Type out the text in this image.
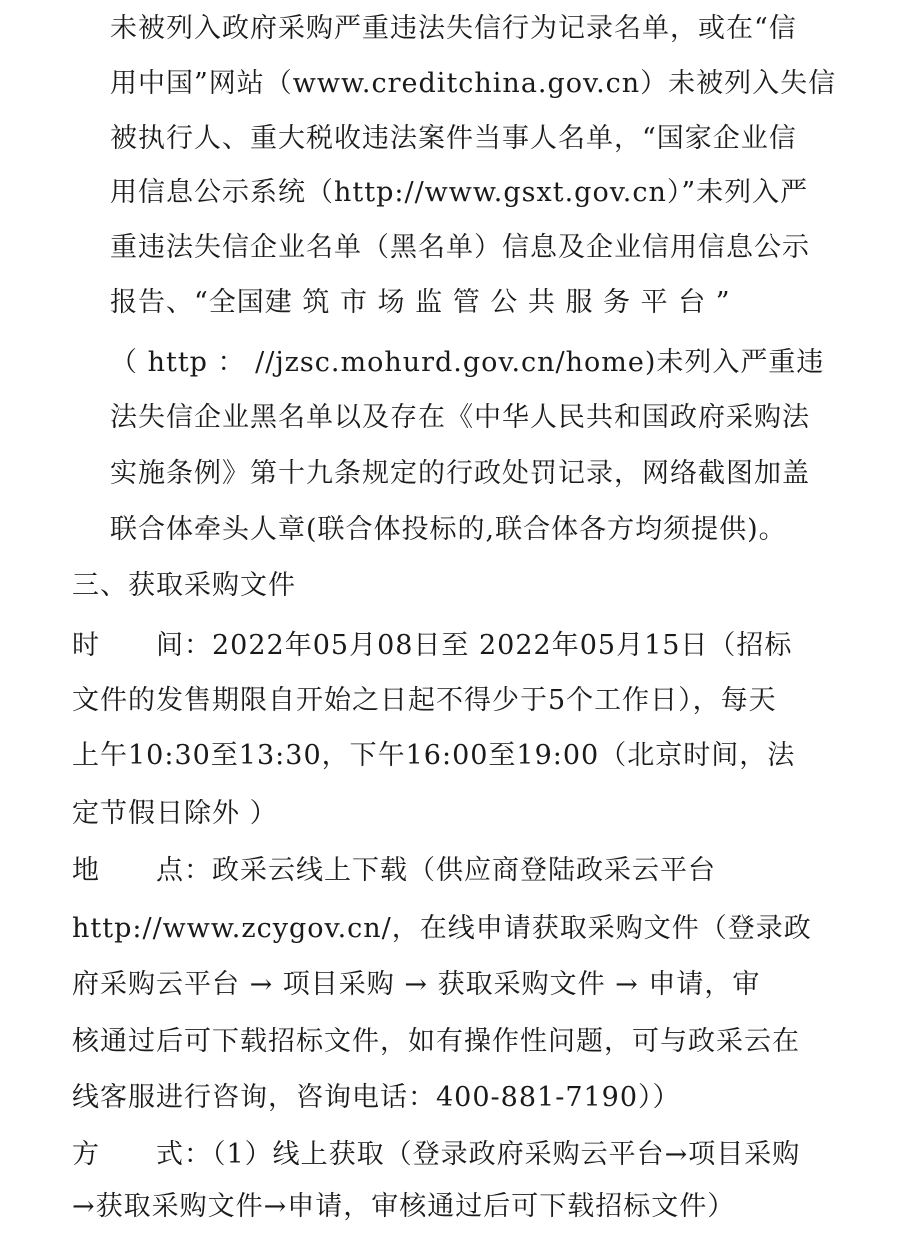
未被列入政府采购严重违法失信行为记录名单，或在“信
用中国”网站（www.creditchina.gov.cn）未被列入失信
被执行人、重大税收违法案件当事人名单，“国家企业信
用信息公示系统（http://www.gsxt.gov.cn）”未列入严
重违法失信企业名单（黑名单）信息及企业信用信息公示
报告、“全国建 筑 市 场 监 管 公 共 服 务 平 台 ”
（ http ： //jzsc.mohurd.gov.cn/home)未列入严重违
法失信企业黑名单以及存在《中华人民共和国政府采购法
实施条例》第十九条规定的行政处罚记录，网络截图加盖
联合体牵头人章(联合体投标的,联合体各方均须提供)。
三、获取采购文件
时　　间：2022年05月08日至 2022年05月15日（招标
文件的发售期限自开始之日起不得少于5个工作日），每天
上午10:30至13:30，下午16:00至19:00（北京时间，法
定节假日除外 ）
地　　点：政采云线上下载（供应商登陆政采云平台
http://www.zcygov.cn/，在线申请获取采购文件（登录政
府采购云平台 → 项目采购 → 获取采购文件 → 申请，审
核通过后可下载招标文件，如有操作性问题，可与政采云在
线客服进行咨询，咨询电话：400-881-7190））
方　　式：（1）线上获取（登录政府采购云平台→项目采购
→获取采购文件→申请，审核通过后可下载招标文件）
